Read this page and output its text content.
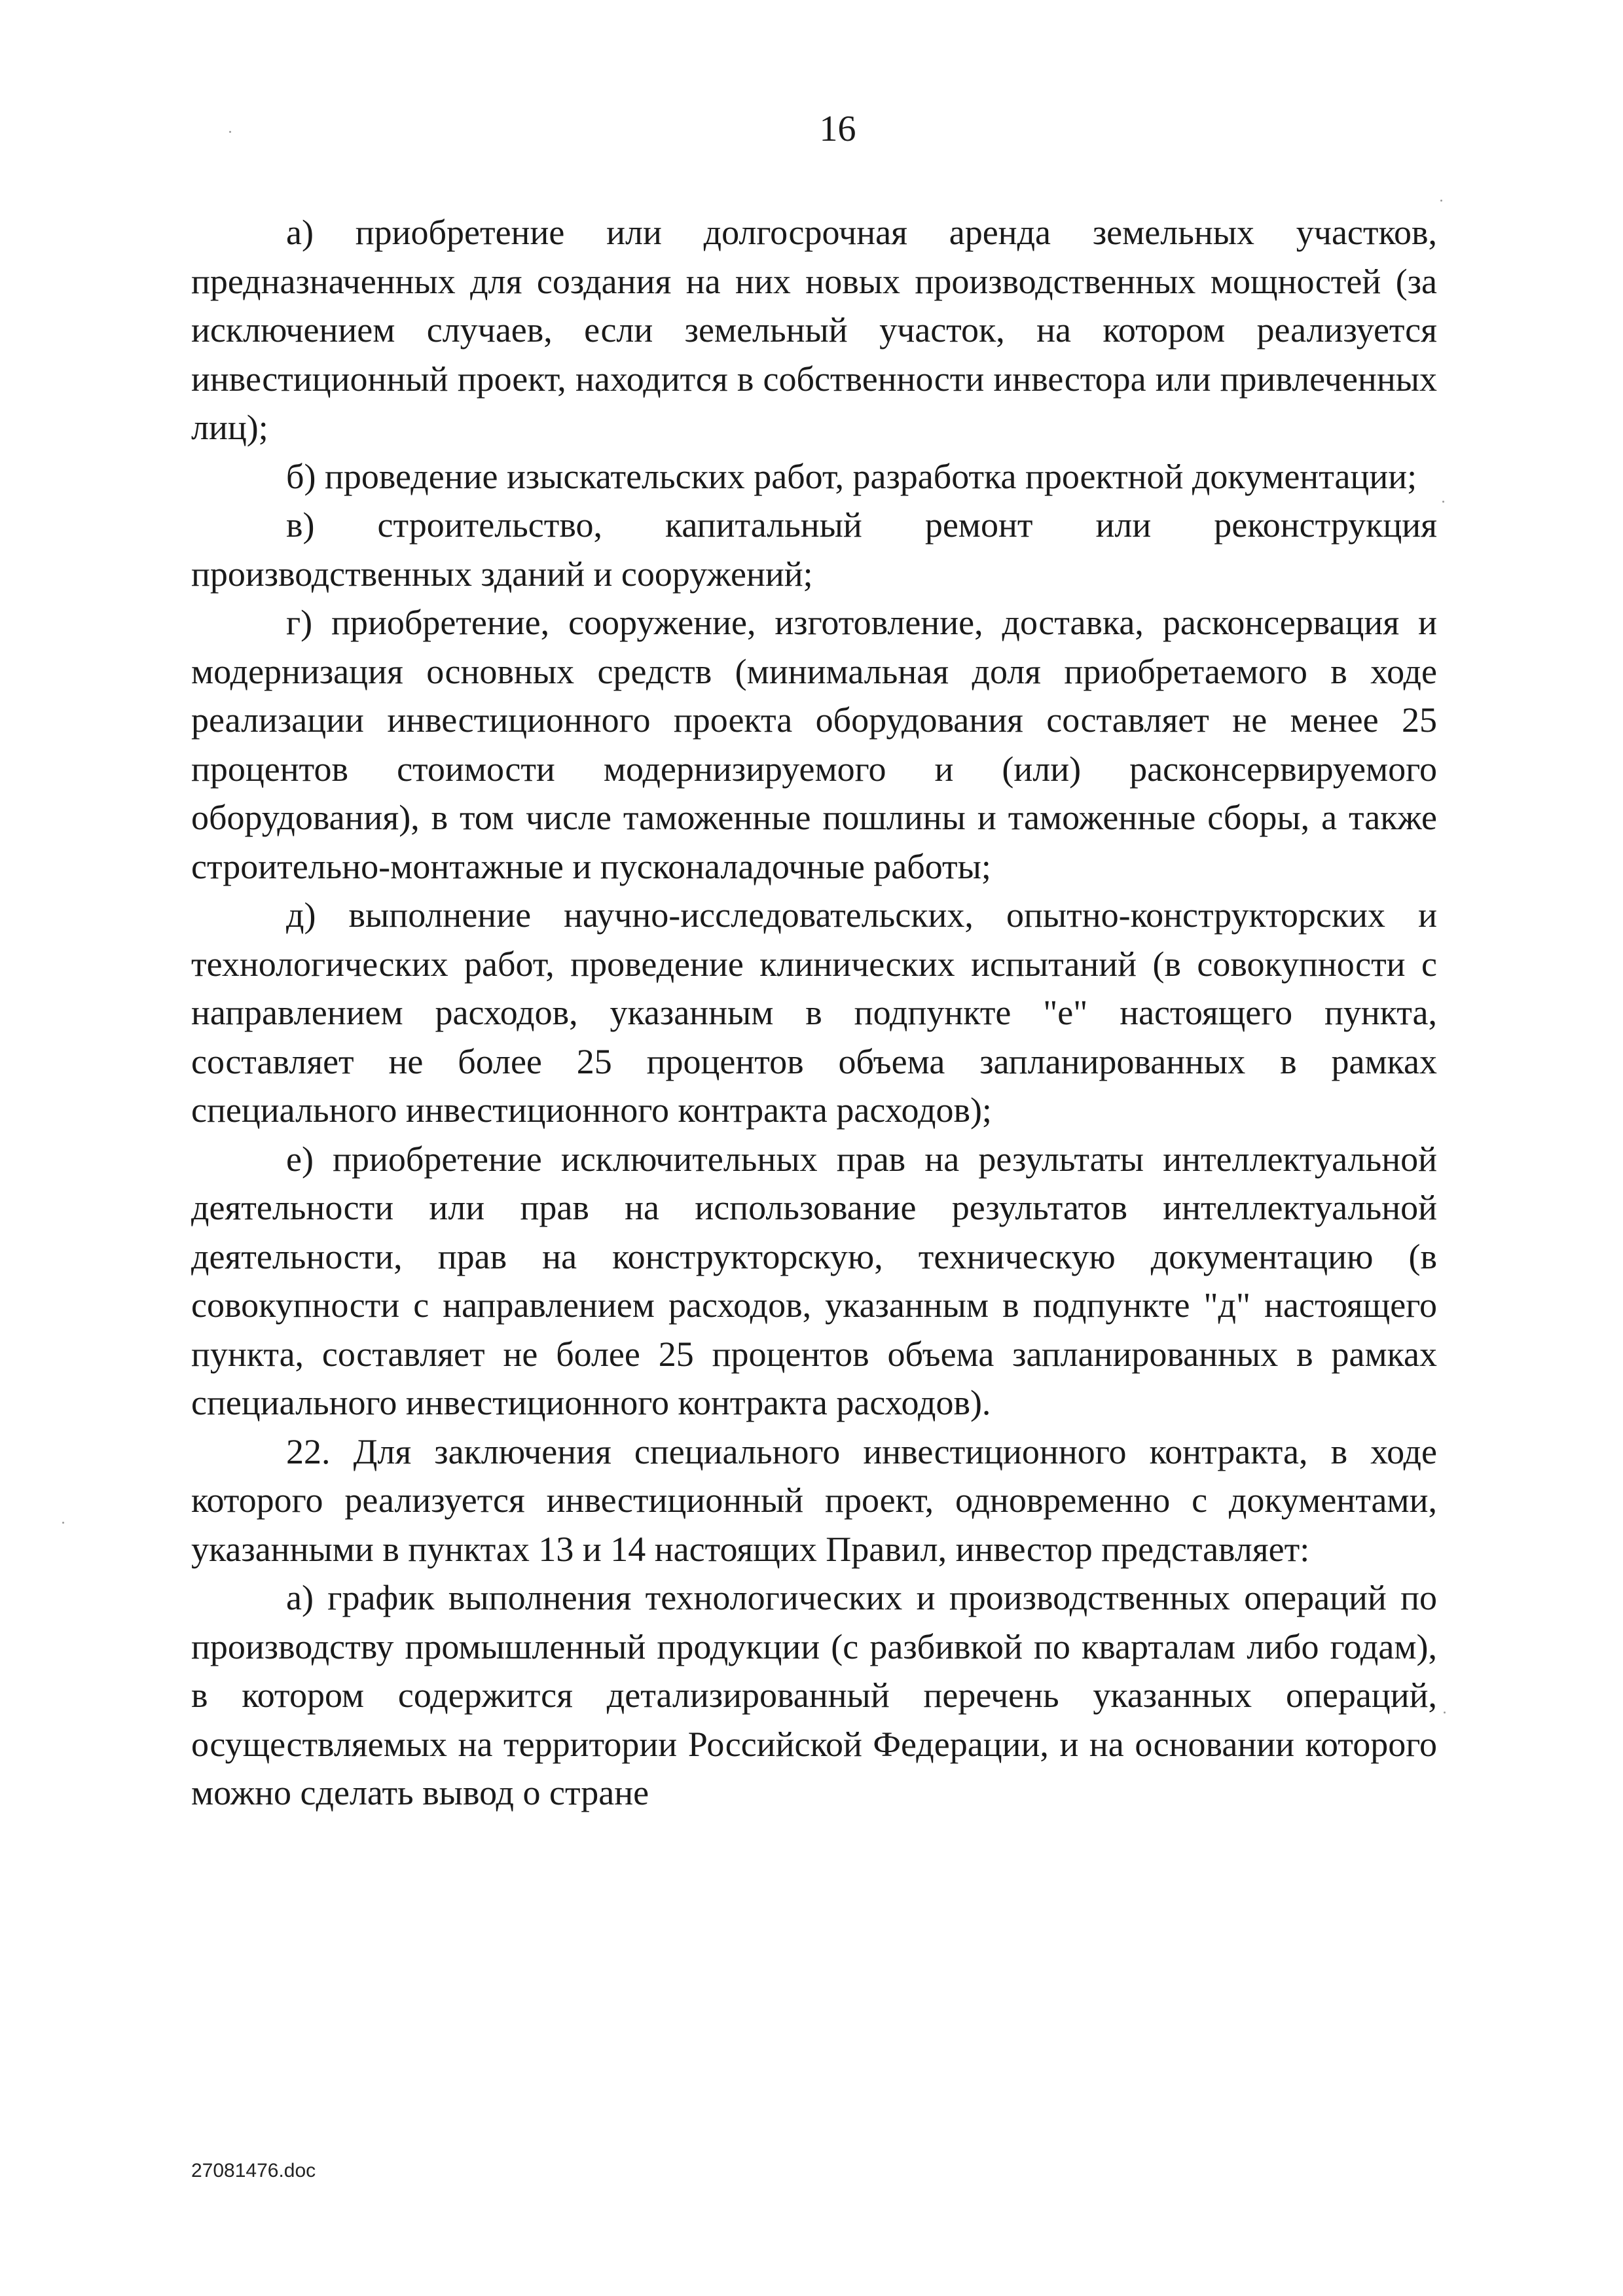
16

а) приобретение или долгосрочная аренда земельных участков, предназначенных для создания на них новых производственных мощностей (за исключением случаев, если земельный участок, на котором реализуется инвестиционный проект, находится в собственности инвестора или привлеченных лиц);

б) проведение изыскательских работ, разработка проектной документации;

в) строительство, капитальный ремонт или реконструкция производственных зданий и сооружений;

г) приобретение, сооружение, изготовление, доставка, расконсервация и модернизация основных средств (минимальная доля приобретаемого в ходе реализации инвестиционного проекта оборудования составляет не менее 25 процентов стоимости модернизируемого и (или) расконсервируемого оборудования), в том числе таможенные пошлины и таможенные сборы, а также строительно-монтажные и пусконаладочные работы;

д) выполнение научно-исследовательских, опытно-конструкторских и технологических работ, проведение клинических испытаний (в совокупности с направлением расходов, указанным в подпункте "е" настоящего пункта, составляет не более 25 процентов объема запланированных в рамках специального инвестиционного контракта расходов);

е) приобретение исключительных прав на результаты интеллектуальной деятельности или прав на использование результатов интеллектуальной деятельности, прав на конструкторскую, техническую документацию (в совокупности с направлением расходов, указанным в подпункте "д" настоящего пункта, составляет не более 25 процентов объема запланированных в рамках специального инвестиционного контракта расходов).

22. Для заключения специального инвестиционного контракта, в ходе которого реализуется инвестиционный проект, одновременно с документами, указанными в пунктах 13 и 14 настоящих Правил, инвестор представляет:

а) график выполнения технологических и производственных операций по производству промышленный продукции (с разбивкой по кварталам либо годам), в котором содержится детализированный перечень указанных операций, осуществляемых на территории Российской Федерации, и на основании которого можно сделать вывод о стране

27081476.doc
